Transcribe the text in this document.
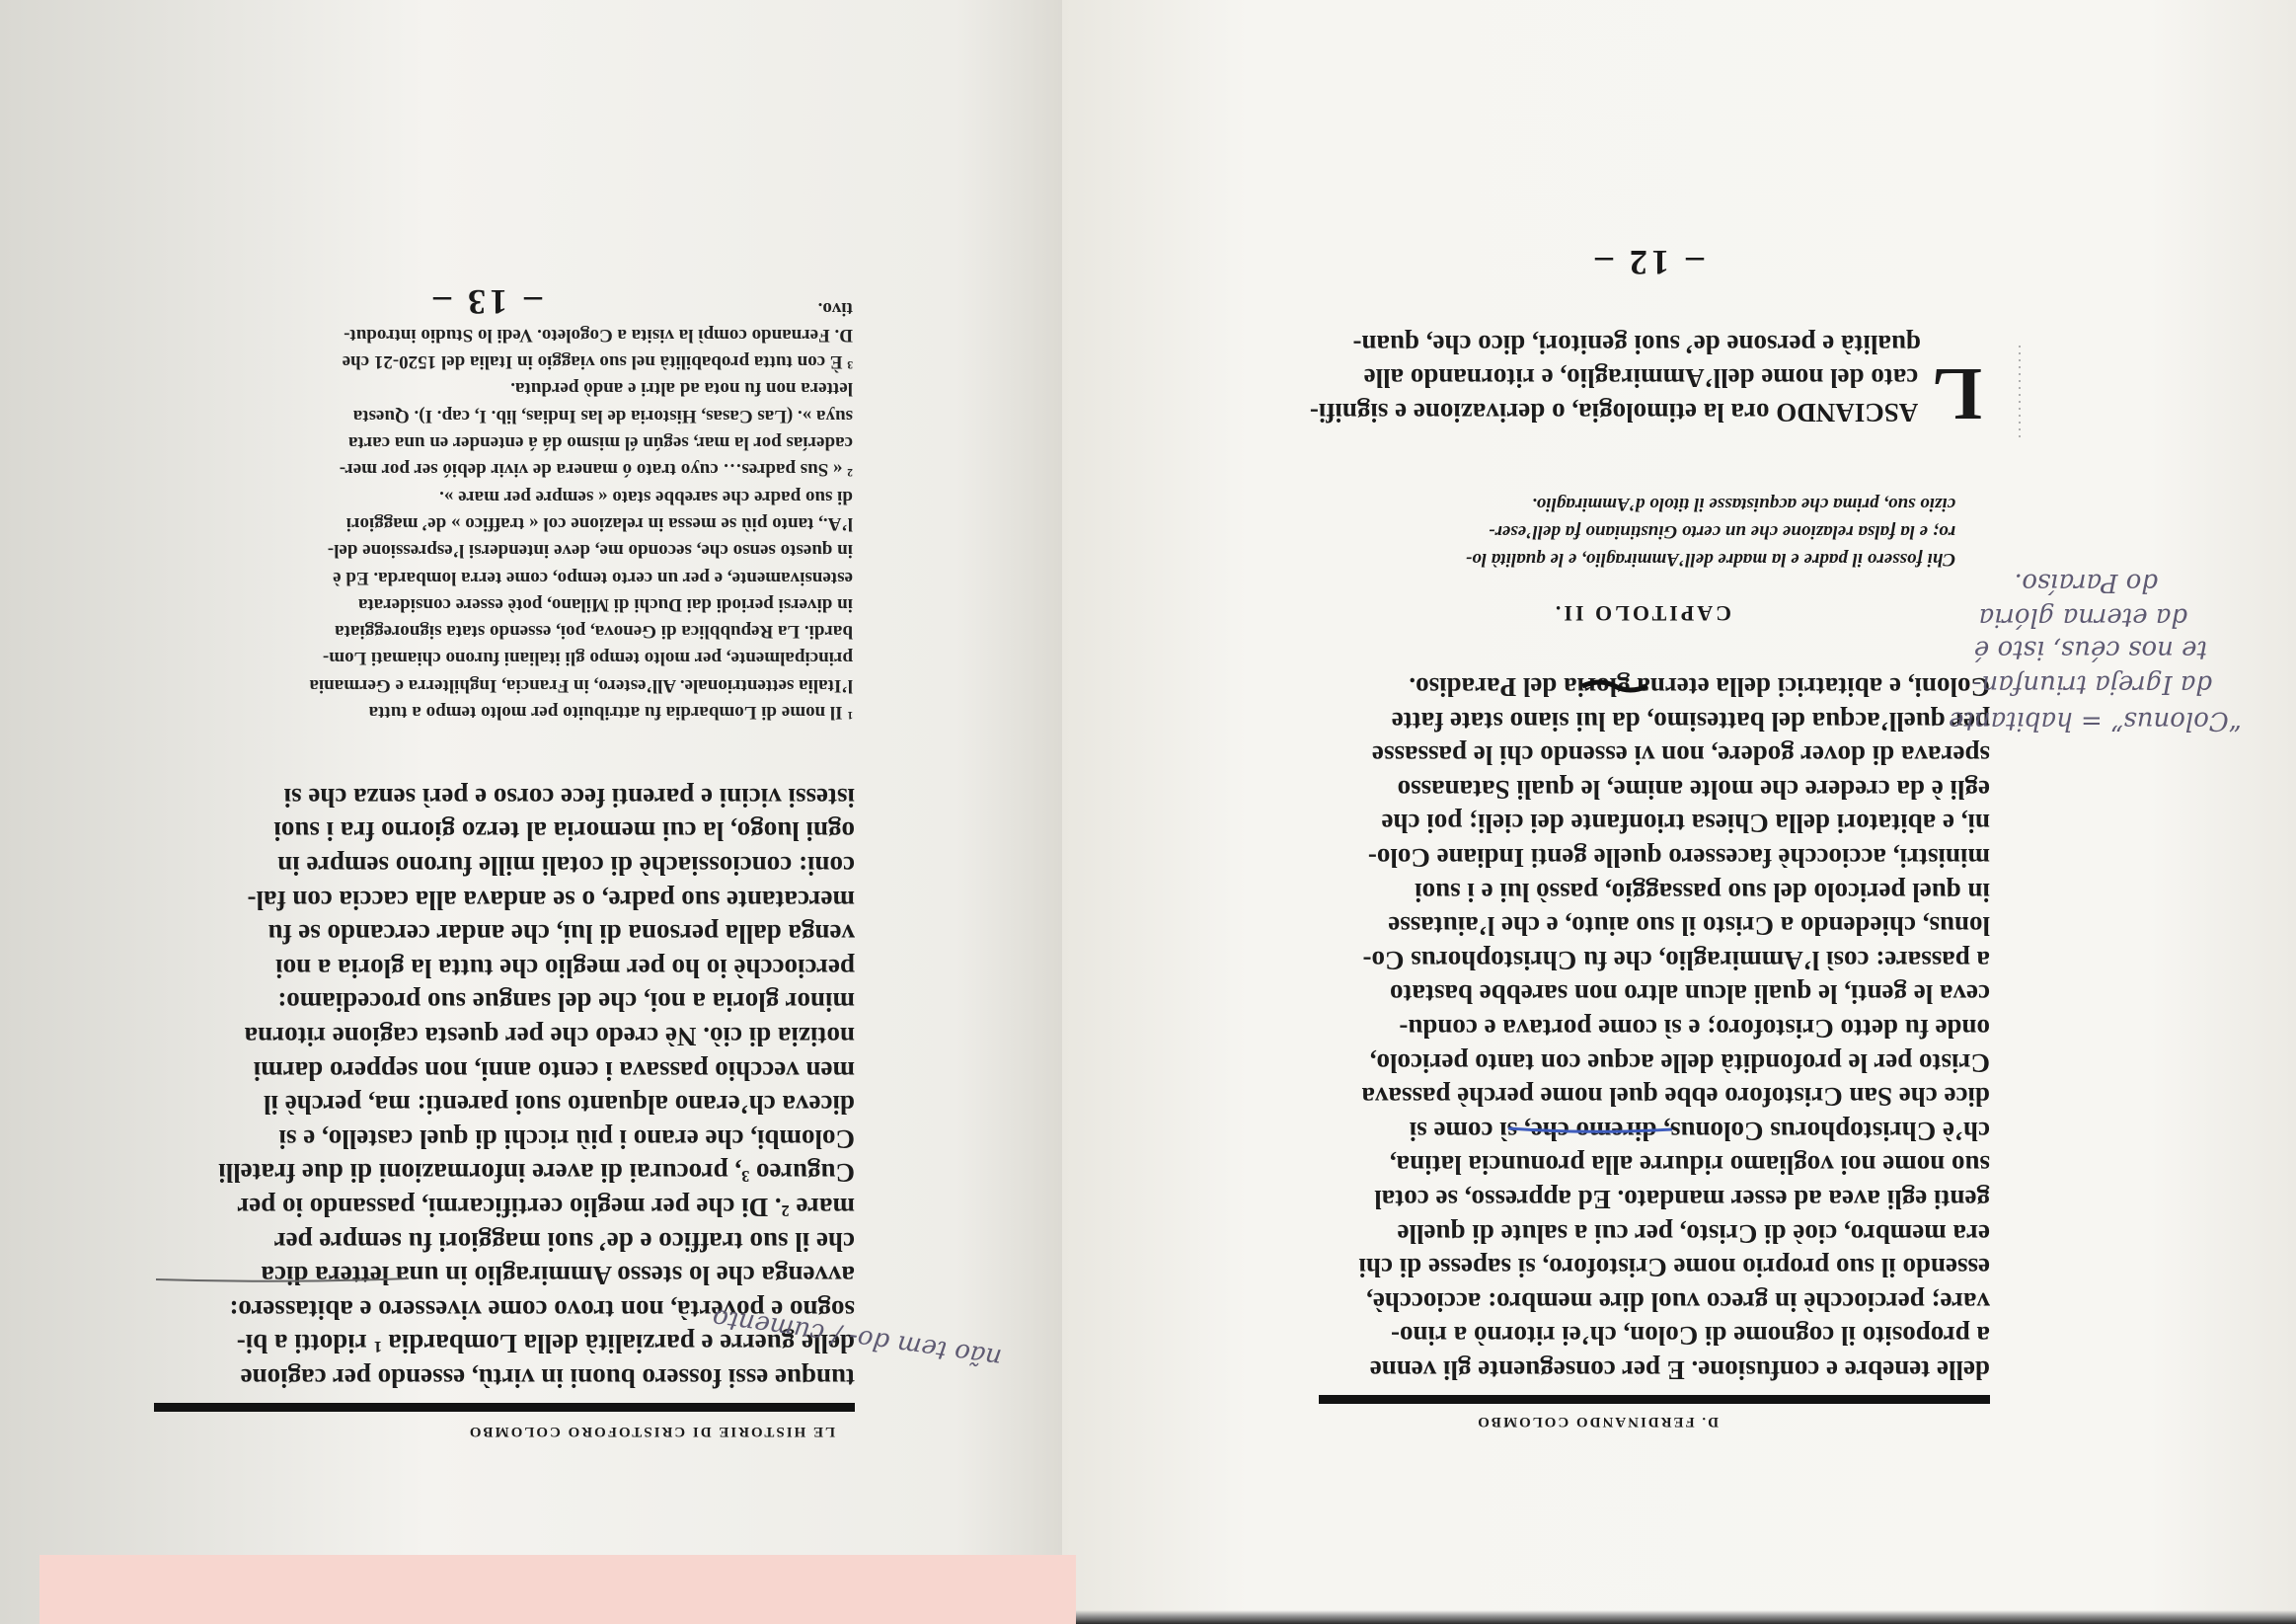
D. FERDINANDO COLOMBO
delle tenebre e confusione. E per conseguente gli venne
a proposito il cognome di Colon, ch’ei ritornò a rino-
vare; perciocchè in greco vuol dire membro: acciocchè,
essendo il suo proprio nome Cristoforo, si sapesse di chi
era membro, cioè di Cristo, per cui a salute di quelle
genti egli avea ad esser mandato. Ed appresso, se cotal
suo nome noi vogliamo ridurre alla pronuncia latina,
ch’è Christophorus Colonus, diremo che, sì come si
dice che San Cristoforo ebbe quel nome perchè passava
Cristo per le profondità delle acque con tanto pericolo,
onde fu detto Cristoforo; e sì come portava e condu-
ceva le genti, le quali alcun altro non sarebbe bastato
a passare: così l’Ammiraglio, che fu Christophorus Co-
lonus, chiedendo a Cristo il suo aiuto, e che l’aiutasse
in quel pericolo del suo passaggio, passò lui e i suoi
ministri, acciocchè facessero quelle genti Indiane Colo-
ni, e abitatori della Chiesa trionfante dei cieli; poi che
egli è da credere che molte anime, le quali Satanasso
sperava di dover godere, non vi essendo chi le passasse
per quell’acqua del battesimo, da lui siano state fatte
Coloni, e abitatrici della eterna gloria del Paradiso.
CAPITOLO II.
Chi fossero il padre e la madre dell’Ammiraglio, e le qualità lo-
ro; e la falsa relazione che un certo Giustiniano fa dell’eser-
cizio suo, prima che acquistasse il titolo d’Ammiraglio.
L
ASCIANDO ora la etimologia, o derivazione e signifi-
cato del nome dell’Ammiraglio, e ritornando alle
qualità e persone de’ suoi genitori, dico che, quan-
– 12 –
“Colonus” = habitante
da Igreja triunfan-
te nos céus, isto é
da eterna glória
do Paraíso.
LE HISTORIE DI CRISTOFORO COLOMBO
tunque essi fossero buoni in virtù, essendo per cagione
delle guerre e parzialità della Lombardia ¹ ridotti a bi-
sogno e povertà, non trovo come vivessero e abitassero:
avvenga che lo stesso Ammiraglio in una lettera dica
che il suo traffico e de’ suoi maggiori fu sempre per
mare ². Di che per meglio certificarmi, passando io per
Cugureo ³, procurai di avere informazioni di due fratelli
Colombi, che erano i più ricchi di quel castello, e si
diceva ch’erano alquanto suoi parenti: ma, perchè il
men vecchio passava i cento anni, non seppero darmi
notizia di ciò. Nè credo che per questa cagione ritorna
minor gloria a noi, che del sangue suo procediamo:
perciocchè io ho per meglio che tutta la gloria a noi
venga dalla persona di lui, che andar cercando se fu
mercatante suo padre, o se andava alla caccia con fal-
coni: conciossiachè di cotali mille furono sempre in
ogni luogo, la cui memoria al terzo giorno fra i suoi
istessi vicini e parenti fece corso e perì senza che si
¹ Il nome di Lombardia fu attribuito per molto tempo a tutta
l’Italia settentrionale. All’estero, in Francia, Inghilterra e Germania
principalmente, per molto tempo gli italiani furono chiamati Lom-
bardi. La Repubblica di Genova, poi, essendo stata signoreggiata
in diversi periodi dai Duchi di Milano, potè essere considerata
estensivamente, e per un certo tempo, come terra lombarda. Ed è
in questo senso che, secondo me, deve intendersi l’espressione del-
l’A., tanto più se messa in relazione col « traffico » de’ maggiori
di suo padre che sarebbe stato « sempre per mare ».
² « Sus padres… cuyo trato ó manera de vivir debió ser por mer-
caderías por la mar, según él mismo dá á entender en una carta
suya ». (Las Casas, Historia de las Indias, lib. I, cap. I). Questa
lettera non fu nota ad altri e andò perduta.
³ È con tutta probabilità nel suo viaggio in Italia del 1520-21 che
D. Fernando compì la visita a Cogoleto. Vedi lo Studio introdut-
tivo.
– 13 –
não tem do- / cumento
